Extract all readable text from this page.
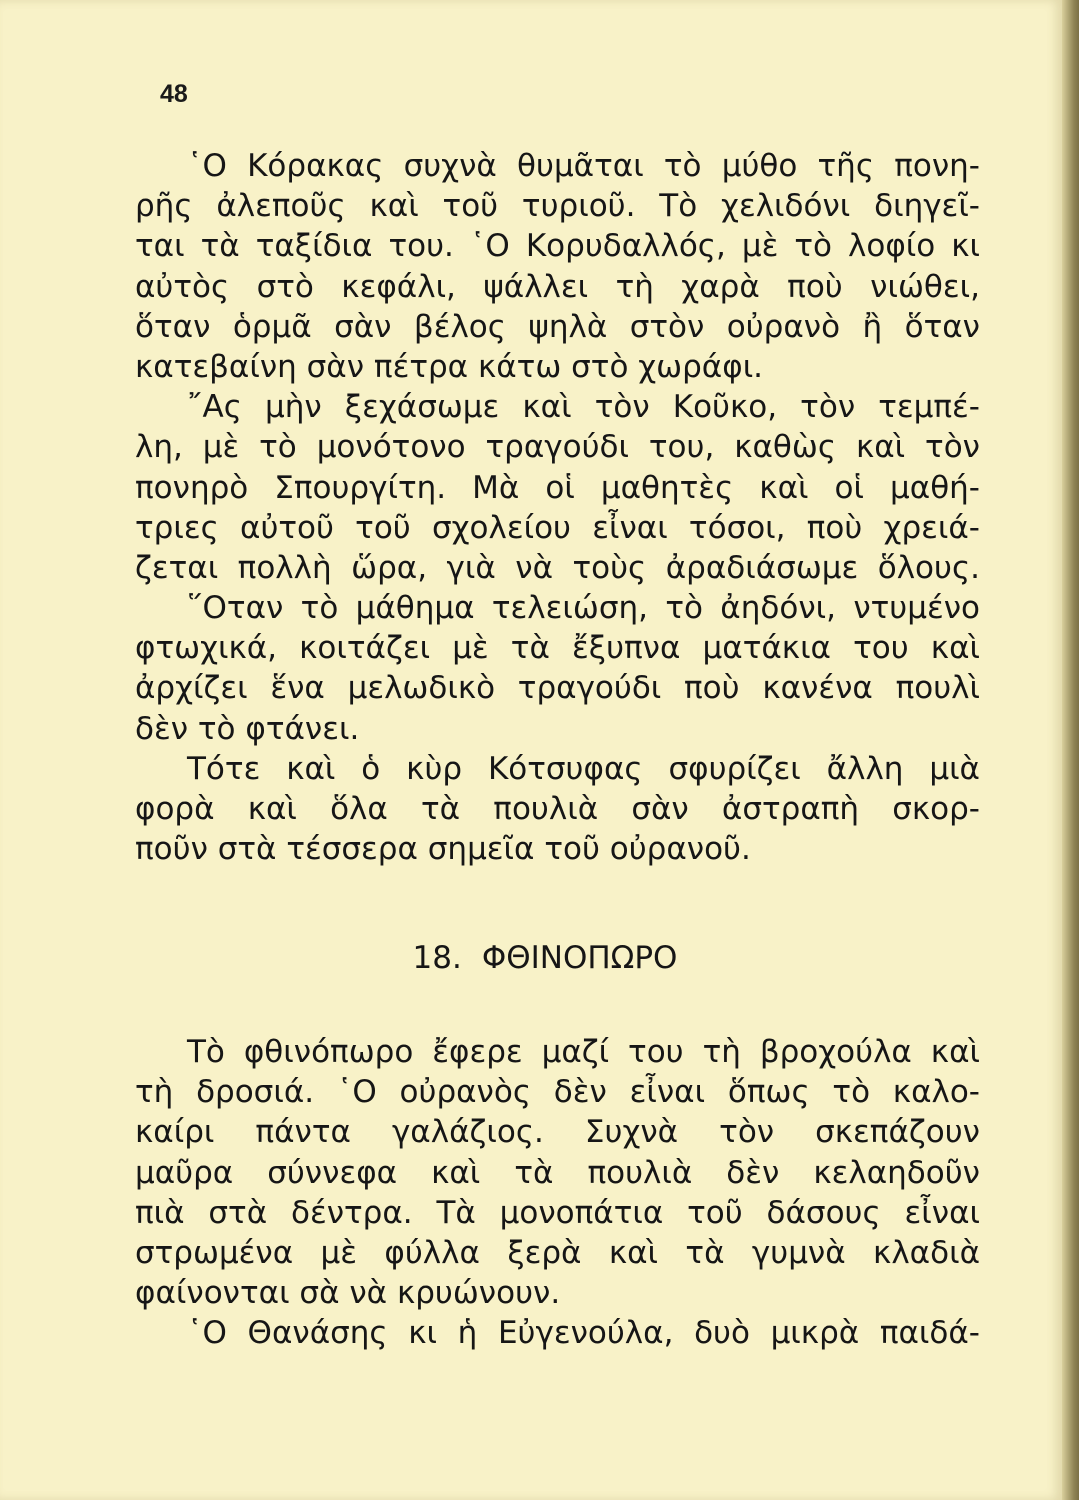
48
῾Ο Κόρακας συχνὰ θυμᾶται τὸ μύθο τῆς πονη-
ρῆς ἀλεποῦς καὶ τοῦ τυριοῦ. Τὸ χελιδόνι διηγεῖ-
ται τὰ ταξίδια του. ῾Ο Κορυδαλλός, μὲ τὸ λοφίο κι
αὐτὸς στὸ κεφάλι, ψάλλει τὴ χαρὰ ποὺ νιώθει,
ὅταν ὁρμᾶ σὰν βέλος ψηλὰ στὸν οὐρανὸ ἢ ὅταν
κατεβαίνη σὰν πέτρα κάτω στὸ χωράφι.
῎Ας μὴν ξεχάσωμε καὶ τὸν Κοῦκο, τὸν τεμπέ-
λη, μὲ τὸ μονότονο τραγούδι του, καθὼς καὶ τὸν
πονηρὸ Σπουργίτη. Μὰ οἱ μαθητὲς καὶ οἱ μαθή-
τριες αὐτοῦ τοῦ σχολείου εἶναι τόσοι, ποὺ χρειά-
ζεται πολλὴ ὥρα, γιὰ νὰ τοὺς ἀραδιάσωμε ὅλους.
῞Οταν τὸ μάθημα τελειώση, τὸ ἀηδόνι, ντυμένο
φτωχικά, κοιτάζει μὲ τὰ ἔξυπνα ματάκια του καὶ
ἀρχίζει ἕνα μελωδικὸ τραγούδι ποὺ κανένα πουλὶ
δὲν τὸ φτάνει.
Τότε καὶ ὁ κὺρ Κότσυφας σφυρίζει ἄλλη μιὰ
φορὰ καὶ ὅλα τὰ πουλιὰ σὰν ἀστραπὴ σκορ-
ποῦν στὰ τέσσερα σημεῖα τοῦ οὐρανοῦ.
18. ΦΘΙΝΟΠΩΡΟ
Τὸ φθινόπωρο ἔφερε μαζί του τὴ βροχούλα καὶ
τὴ δροσιά. ῾Ο οὐρανὸς δὲν εἶναι ὅπως τὸ καλο-
καίρι πάντα γαλάζιος. Συχνὰ τὸν σκεπάζουν
μαῦρα σύννεφα καὶ τὰ πουλιὰ δὲν κελαηδοῦν
πιὰ στὰ δέντρα. Τὰ μονοπάτια τοῦ δάσους εἶναι
στρωμένα μὲ φύλλα ξερὰ καὶ τὰ γυμνὰ κλαδιὰ
φαίνονται σὰ νὰ κρυώνουν.
῾Ο Θανάσης κι ἡ Εὐγενούλα, δυὸ μικρὰ παιδά-
